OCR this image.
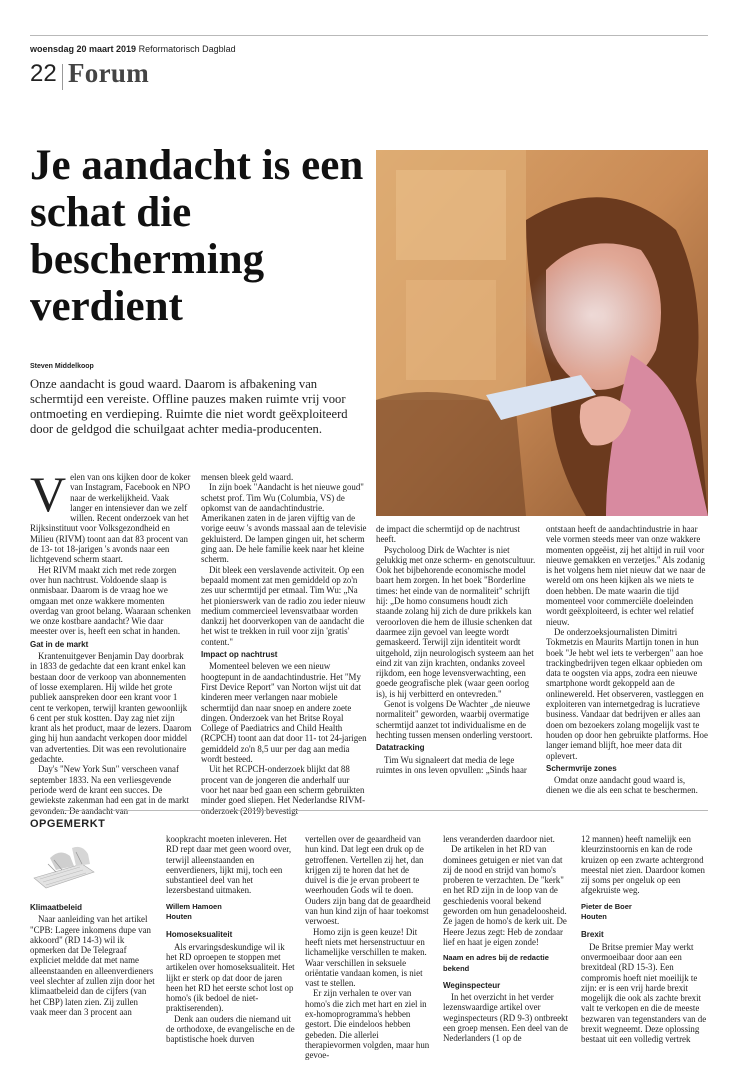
woensdag 20 maart 2019 Reformatorisch Dagblad
22 Forum
Je aandacht is een schat die bescherming verdient
Steven Middelkoop

Onze aandacht is goud waard. Daarom is afbakening van schermtijd een vereiste. Offline pauzes maken ruimte vrij voor ontmoeting en verdieping. Ruimte die niet wordt geëxploiteerd door de geldgod die schuilgaat achter media-producenten.

V elen van ons kijken door de koker van Instagram, Facebook en NPO naar de werkelijkheid. Vaak langer en intensiever dan we zelf willen. Recent onderzoek van het Rijksinstituut voor Volksgezondheid en Milieu (RIVM) toont aan dat 83 procent van de 13- tot 18-jarigen 's avonds naar een lichtgevend scherm staart.

Het RIVM maakt zich met rede zorgen over hun nachtrust. Voldoende slaap is onmisbaar. Daarom is de vraag hoe we omgaan met onze wakkere momenten overdag van groot belang. Waaraan schenken we onze kostbare aandacht? Wie daar meester over is, heeft een schat in handen.

Gat in de markt

Krantenuitgever Benjamin Day doorbrak in 1833 de gedachte dat een krant enkel kan bestaan door de verkoop van abonnementen of losse exemplaren. Hij wilde het grote publiek aanspreken door een krant voor 1 cent te verkopen, terwijl kranten gewoonlijk 6 cent per stuk kostten. Day zag niet zijn krant als het product, maar de lezers. Daarom ging hij hun aandacht verkopen door middel van advertenties. Dit was een revolutionaire gedachte.

Day's "New York Sun" verscheen vanaf september 1833. Na een verliesgevende periode werd de krant een succes. De gewiekste zakenman had een gat in de markt

mensen bleek geld waard.

In zijn boek "Aandacht is het nieuwe goud" schetst prof. Tim Wu (Columbia, VS) de opkomst van de aandachtindustrie. Amerikanen zaten in de jaren vijftig van de vorige eeuw 's avonds massaal aan de televisie gekluisterd. De lampen gingen uit, het scherm ging aan. De hele familie keek naar het kleine scherm.

Dit bleek een verslavende activiteit. Op een bepaald moment zat men gemiddeld op zo'n zes uur schermtijd per etmaal. Tim Wu: „Na het pionierswerk van de radio zou ieder nieuw medium commercieel levensvatbaar worden dankzij het doorverkopen van de aandacht die het wist te trekken in ruil voor zijn 'gratis' content."

Impact op nachtrust

Momenteel beleven we een nieuw hoogtepunt in de aandachtindustrie. Het "My First Device Report" van Norton wijst uit dat kinderen meer verlangen naar mobiele schermtijd dan naar snoep en andere zoete dingen. Onderzoek van het Britse Royal College of Paediatrics and Child Health (RCPCH) toont aan dat door 11- tot 24-jarigen gemiddeld zo'n 8,5 uur per dag aan media wordt besteed.

Uit het RCPCH-onderzoek blijkt dat 88 procent van de jongeren die anderhalf uur voor het naar bed gaan een scherm gebruikten minder goed sliepen. Het Nederlandse RIVM-

de impact die schermtijd op de nachtrust heeft.

Psycholoog Dirk de Wachter is niet gelukkig met onze scherm- en genotscultuur. Ook het bijbehorende economische model baart hem zorgen. In het boek "Borderline times: het einde van de normaliteit" schrijft hij: „De homo consumens houdt zich staande zolang hij zich de dure prikkels kan veroorloven die hem de illusie schenken dat daarmee zijn gevoel van leegte wordt gemaskeerd. Terwijl zijn identiteit wordt uitgehold, zijn neurologisch systeem aan het eind zit van zijn krachten, ondanks zoveel rijkdom, een hoge levensverwachting, een goede geografische plek (waar geen oorlog is), is hij verbitterd en ontevreden."

Genot is volgens De Wachter „de nieuwe normaliteit" geworden, waarbij overmatige schermtijd aanzet tot individualisme en de hechting tussen mensen onderling verstoort.

Datatracking

Tim Wu signaleert dat media de lege ruimtes in ons leven opvullen: „Sinds haar

ontstaan heeft de aandachtindustrie in haar vele vormen steeds meer van onze wakkere momenten opgeëist, zij het altijd in ruil voor nieuwe gemakken en verzetjes." Als zodanig is het volgens hem niet nieuw dat we naar de wereld om ons heen kijken als we niets te doen hebben. De mate waarin die tijd momenteel voor commerciële doeleinden wordt geëxploiteerd, is echter wel relatief nieuw.

De onderzoeksjournalisten Dimitri Tokmetzis en Maurits Martijn tonen in hun boek "Je hebt wel iets te verbergen" aan hoe trackingbedrijven tegen elkaar opbieden om data te oogsten via apps, zodra een nieuwe smartphone wordt gekoppeld aan de onlinewereld. Het observeren, vastleggen en exploiteren van internetgedrag is lucratieve business. Vandaar dat bedrijven er alles aan doen om bezoekers zolang mogelijk vast te houden op door hen gebruikte platforms. Hoe langer iemand blijft, hoe meer data dit oplevert.

Schermvrije zones

Omdat onze aandacht goud waard is, dienen we die als een schat te beschermen.

OPGEMERKT
Klimaatbeleid

Naar aanleiding van het artikel "CPB: Lagere inkomens dupe van akkoord" (RD 14-3) wil ik opmerken dat De Telegraaf expliciet meldde dat met name alleenstaanden en alleenverdieners veel slechter af zullen zijn door het klimaatbeleid dan de cijfers (van het CBP) laten zien. Zij zullen vaak meer dan 3 procent aan

koopkracht moeten inleveren. Het RD rept daar met geen woord over, terwijl alleenstaanden en eenverdieners, lijkt mij, toch een substantieel deel van het lezersbestand uitmaken.

Willem Hamoen

Houten

Homoseksualiteit

Als ervaringsdeskundige wil ik het RD oproepen te stoppen met artikelen over homoseksualiteit. Het lijkt er sterk op dat door de jaren heen het RD het eerste schot lost op homo's (ik bedoel de niet-praktiserenden).

Denk aan ouders die niemand uit de orthodoxe, de evangelische en de baptistische hoek durven

vertellen over de geaardheid van hun kind. Dat legt een druk op de getroffenen. Vertellen zij het, dan krijgen zij te horen dat het de duivel is die je ervan probeert te weerhouden Gods wil te doen. Ouders zijn bang dat de geaardheid van hun kind zijn of haar toekomst verwoest.

Homo zijn is geen keuze! Dit heeft niets met hersenstructuur en lichamelijke verschillen te maken. Waar verschillen in seksuele oriëntatie vandaan komen, is niet vast te stellen.

Er zijn verhalen te over van homo's die zich met hart en ziel in ex-homoprogramma's hebben gestort. Die eindeloos hebben gebeden. Die allerlei therapievormen volgden, maar hun gevoe-

lens veranderden daardoor niet.

De artikelen in het RD van dominees getuigen er niet van dat zij de nood en strijd van homo's proberen te verzachten. De "kerk" en het RD zijn in de loop van de geschiedenis vooral bekend geworden om hun genadeloosheid. Ze jagen de homo's de kerk uit. De Heere Jezus zegt: Heb de zondaar lief en haat je eigen zonde!

Naam en adres bij de redactie bekend

Weginspecteur

In het overzicht in het verder lezenswaardige artikel over weginspecteurs (RD 9-3) ontbreekt een groep mensen. Een deel van de Nederlanders (1 op de

12 mannen) heeft namelijk een kleurzinstoornis en kan de rode kruizen op een zwarte achtergrond meestal niet zien. Daardoor komen zij soms per ongeluk op een afgekruiste weg.

Pieter de Boer

Houten

Brexit

De Britse premier May werkt onvermoeibaar door aan een brexitdeal (RD 15-3). Een compromis hoeft niet moeilijk te zijn: er is een vrij harde brexit mogelijk die ook als zachte brexit valt te verkopen en die de meeste bezwaren van tegenstanders van de brexit wegneemt. Deze oplossing bestaat uit een volledig vertrek
